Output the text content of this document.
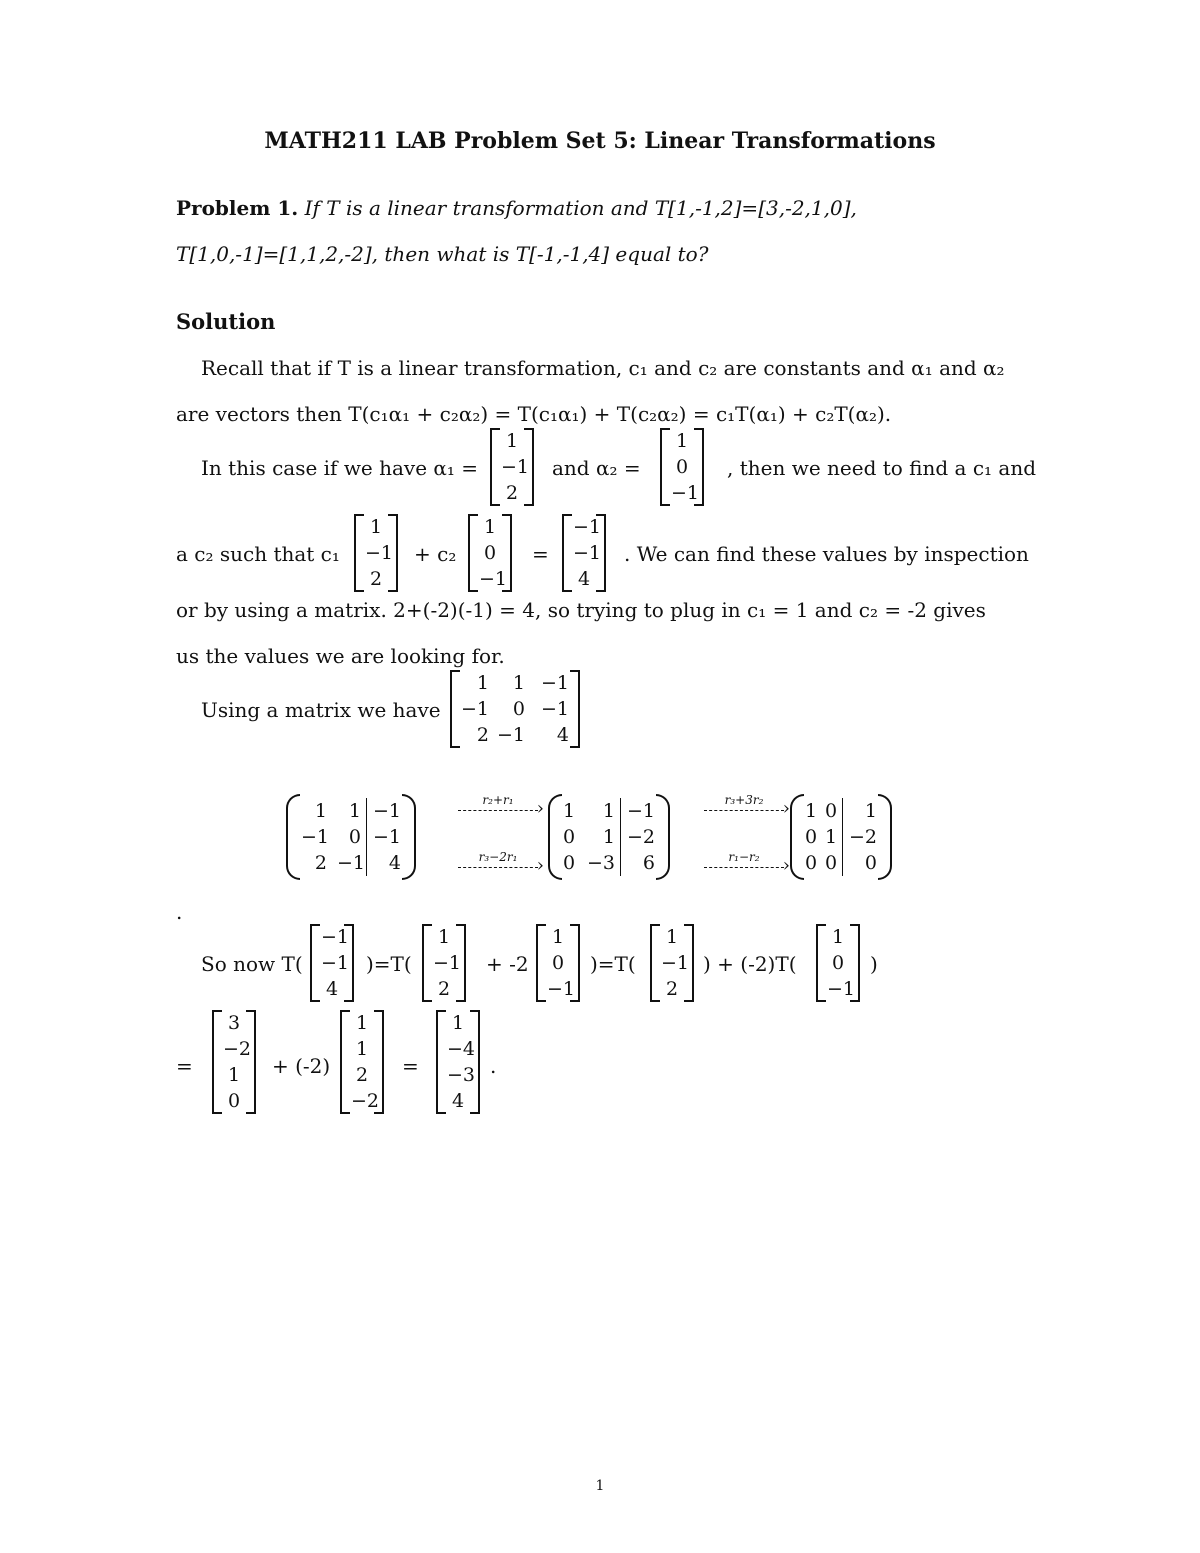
MATH211 LAB Problem Set 5: Linear Transformations
Problem 1. If T is a linear transformation and T[1,-1,2]=[3,-2,1,0],
T[1,0,-1]=[1,1,2,-2], then what is T[-1,-1,4] equal to?
Solution
Recall that if T is a linear transformation, c₁ and c₂ are constants and α₁ and α₂
are vectors then T(c₁α₁ + c₂α₂) = T(c₁α₁) + T(c₂α₂) = c₁T(α₁) + c₂T(α₂).
In this case if we have α₁ =
1
−1
2
and α₂ =
1
0
−1
, then we need to find a c₁ and
a c₂ such that c₁
1
−1
2
+ c₂
1
0
−1
=
−1
−1
4
. We can find these values by inspection
or by using a matrix. 2+(-2)(-1) = 4, so trying to plug in c₁ = 1 and c₂ = -2 gives
us the values we are looking for.
Using a matrix we have
1	1 −1
−1	0 −1
2 −1	4
1	1 −1
−1	0 −1
2 −1	4
r₂+r₁
›
r₃−2r₁
›
1	1 −1
0	1 −2
0 −3	6
r₃+3r₂
›
r₁−r₂
›
1 0	1
0 1 −2
0 0	0
.
So now T(
−1
−1
4
)=T(
1
−1
2
+ -2
1
0
−1
)=T(
1
−1
2
) + (-2)T(
1
0
−1
)
=
3
−2
1
0
+ (-2)
1
1
2
−2
=
1
−4
−3
4
.
1
